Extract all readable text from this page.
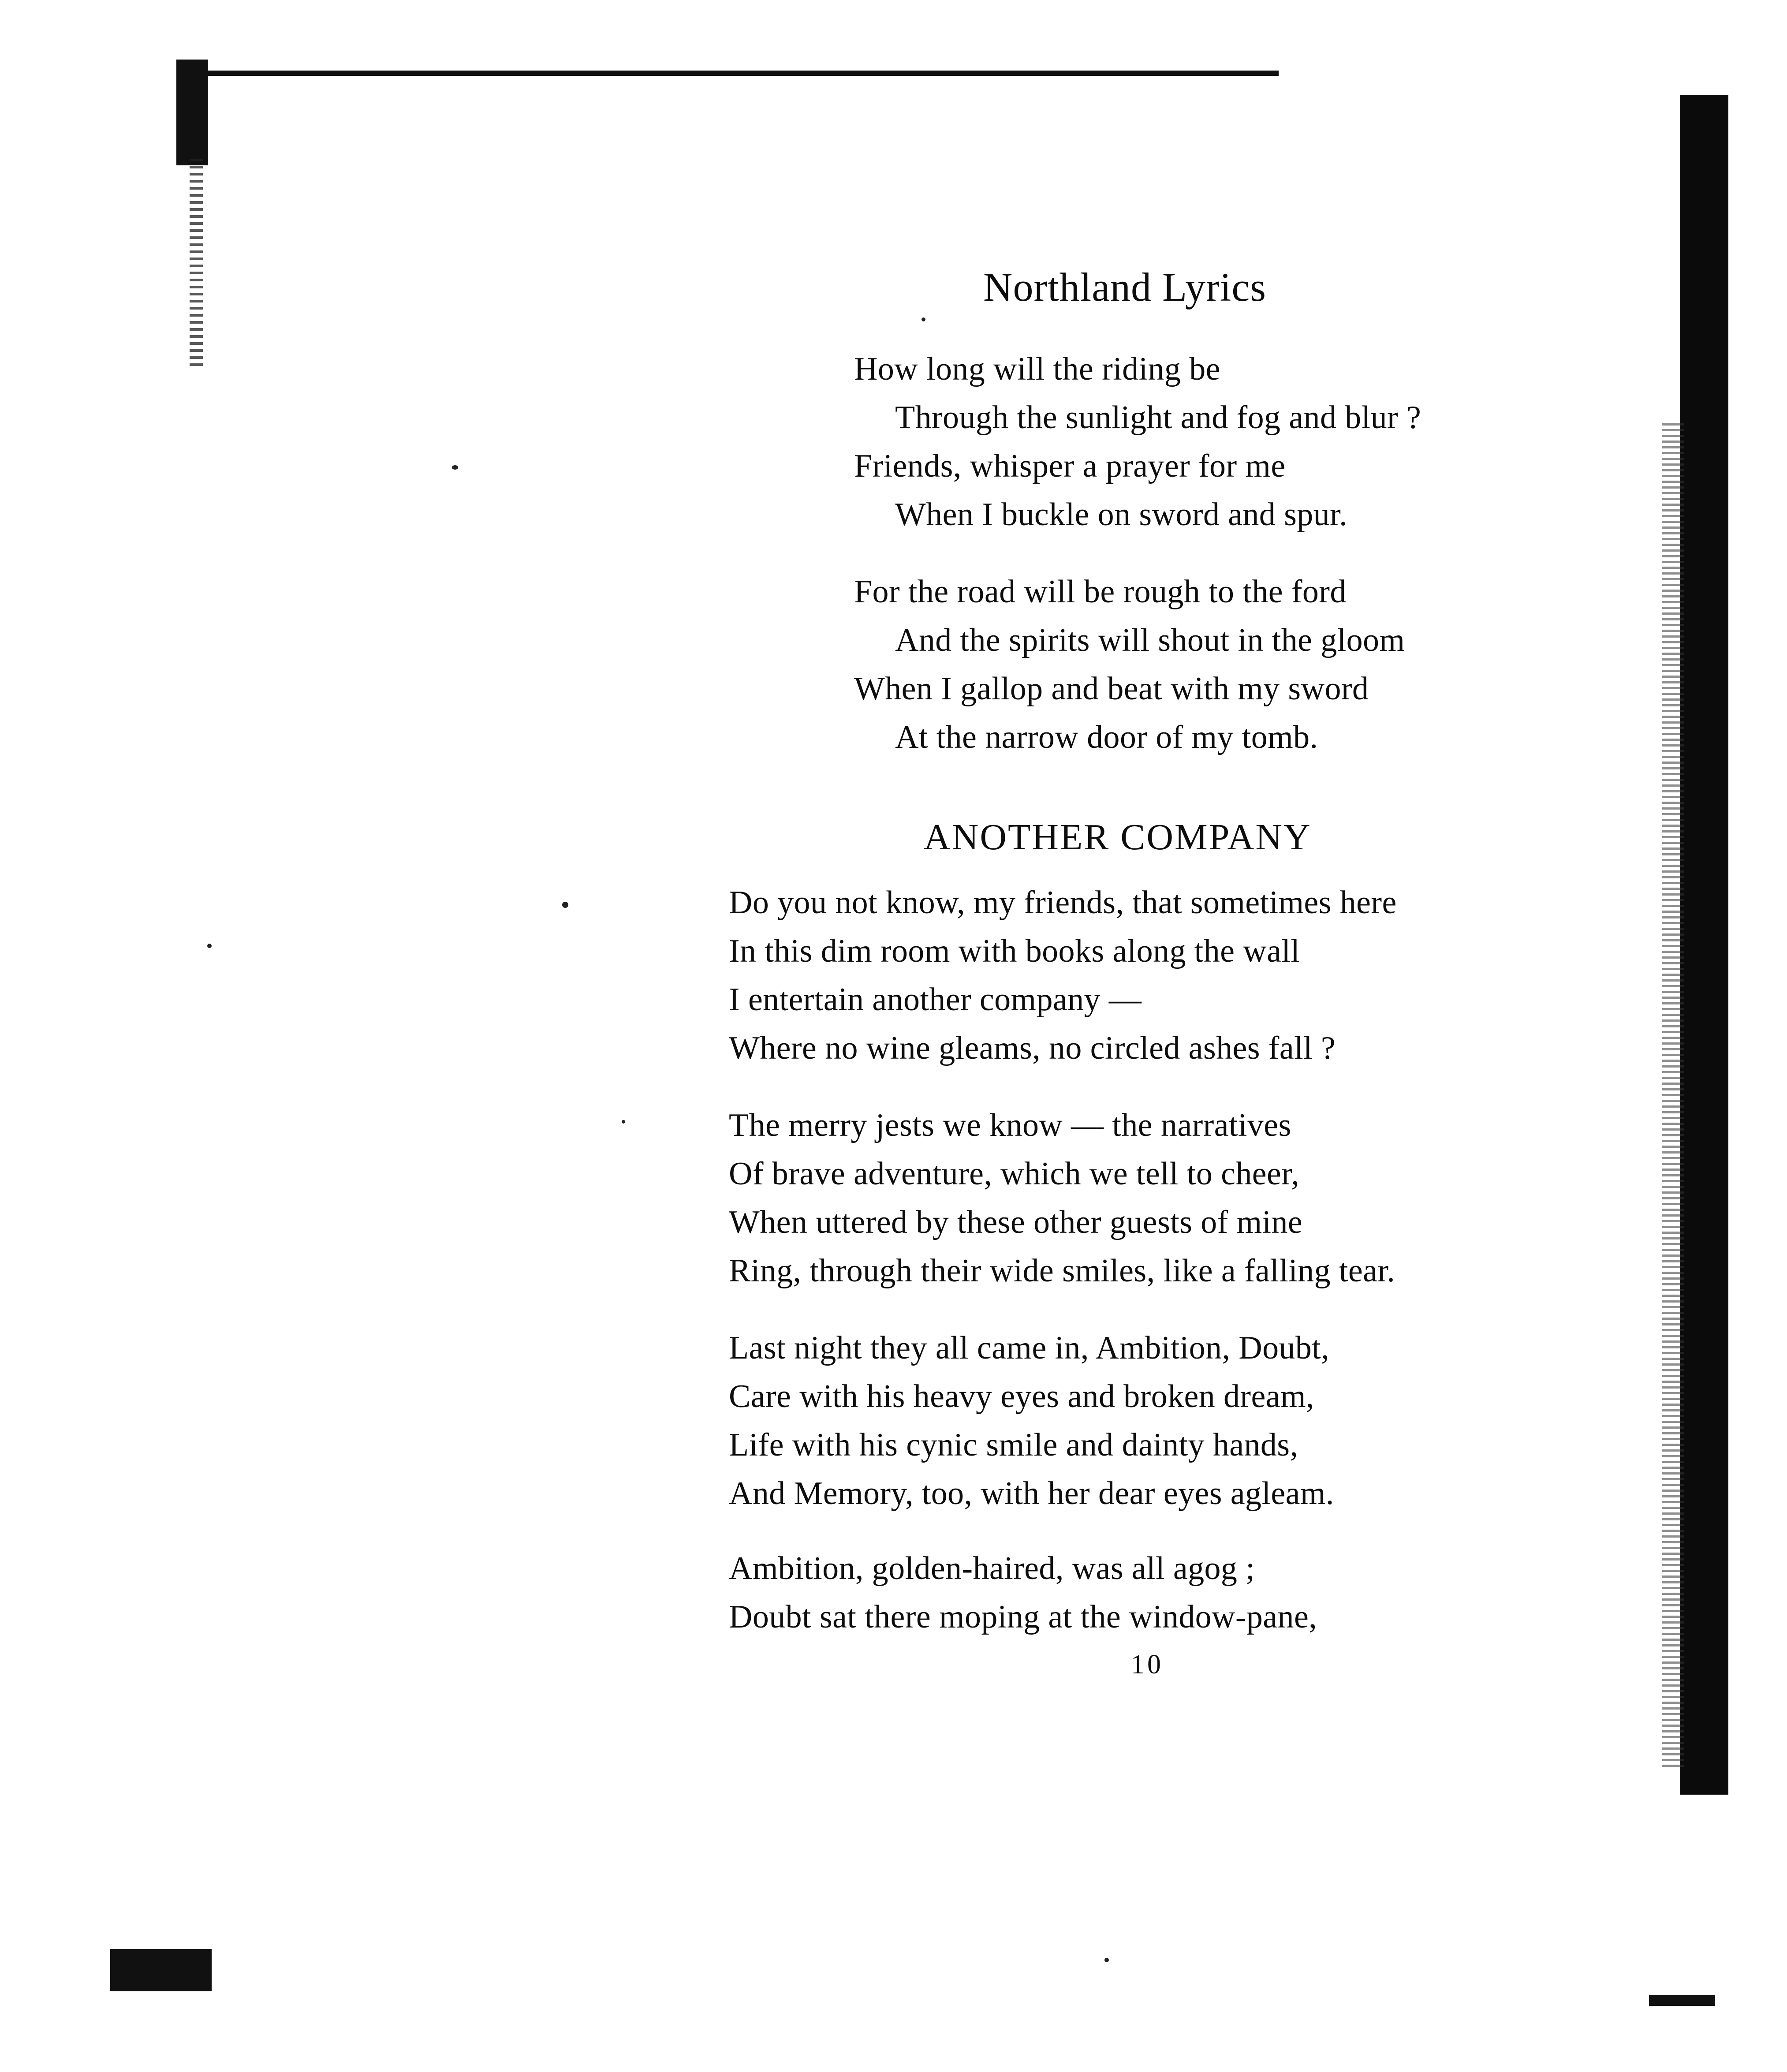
Northland Lyrics
How long will the riding be
Through the sunlight and fog and blur ?
Friends, whisper a prayer for me
When I buckle on sword and spur.
For the road will be rough to the ford
And the spirits will shout in the gloom
When I gallop and beat with my sword
At the narrow door of my tomb.
ANOTHER COMPANY
Do you not know, my friends, that sometimes here
In this dim room with books along the wall
I entertain another company —
Where no wine gleams, no circled ashes fall ?
The merry jests we know — the narratives
Of brave adventure, which we tell to cheer,
When uttered by these other guests of mine
Ring, through their wide smiles, like a falling tear.
Last night they all came in, Ambition, Doubt,
Care with his heavy eyes and broken dream,
Life with his cynic smile and dainty hands,
And Memory, too, with her dear eyes agleam.
Ambition, golden-haired, was all agog ;
Doubt sat there moping at the window-pane,
10
